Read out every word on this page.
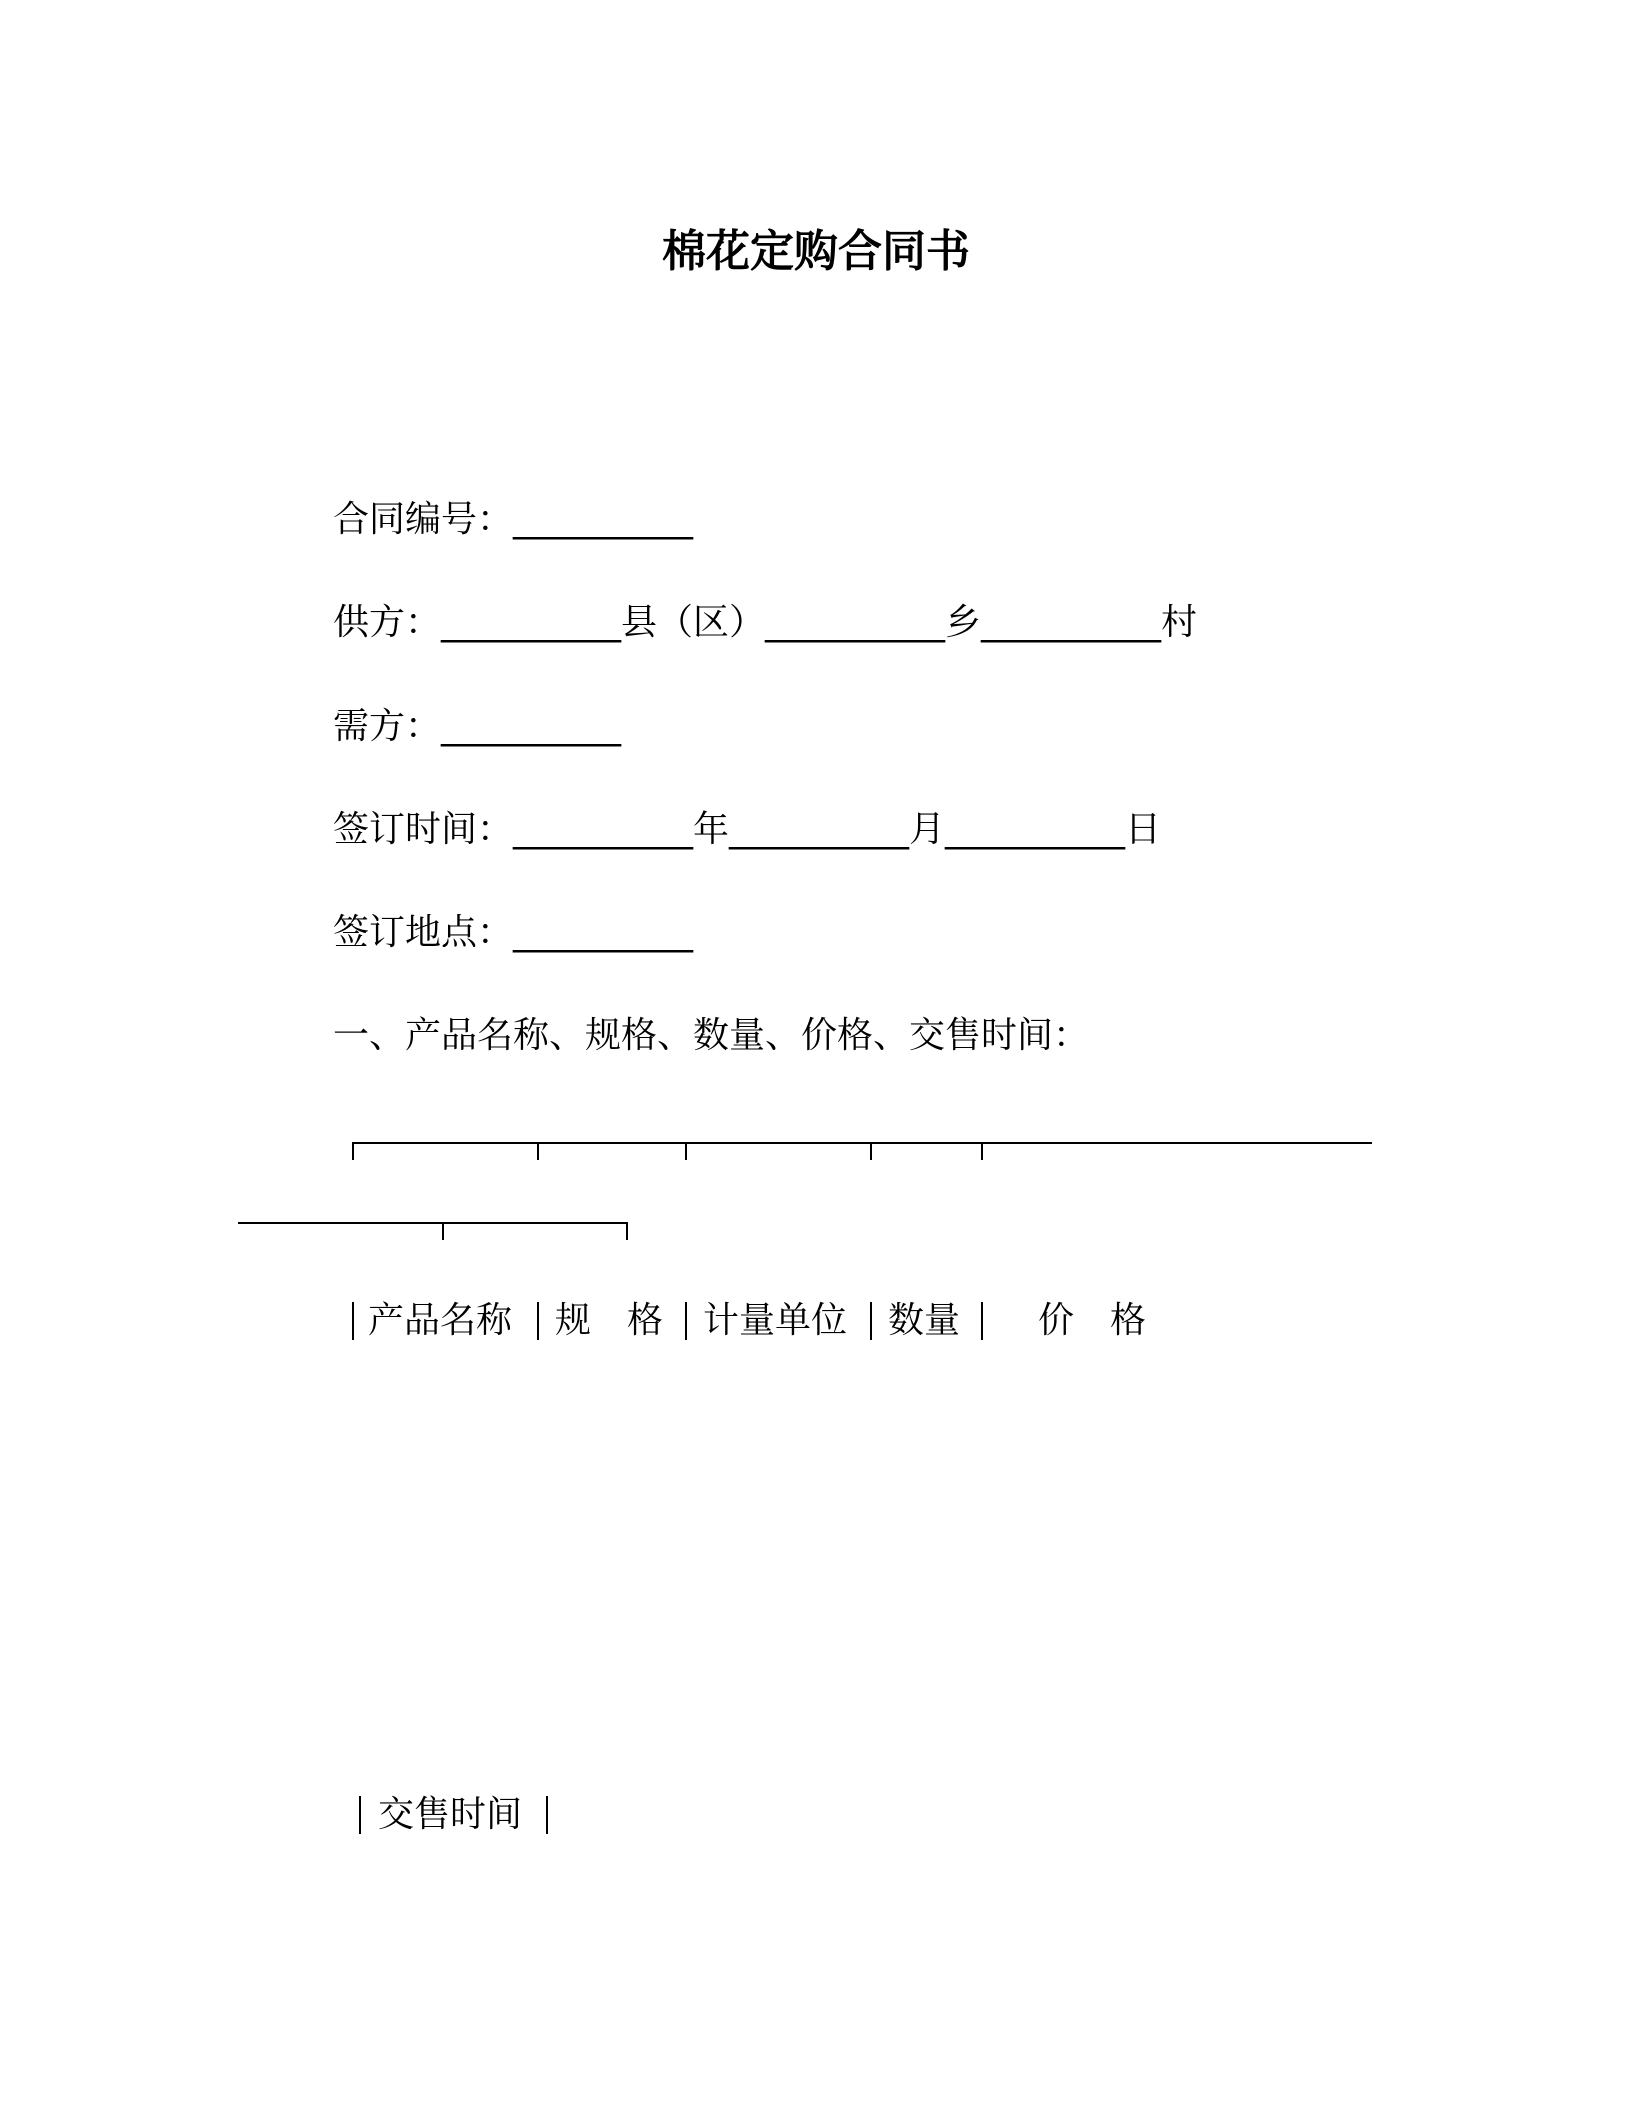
棉花定购合同书
合同编号：__________
供方：__________县（区）__________乡__________村
需方：__________
签订时间：__________年__________月__________日
签订地点：__________
一、产品名称、规格、数量、价格、交售时间：
产品名称 规　格 计量单位 数量 价　格
交售时间
